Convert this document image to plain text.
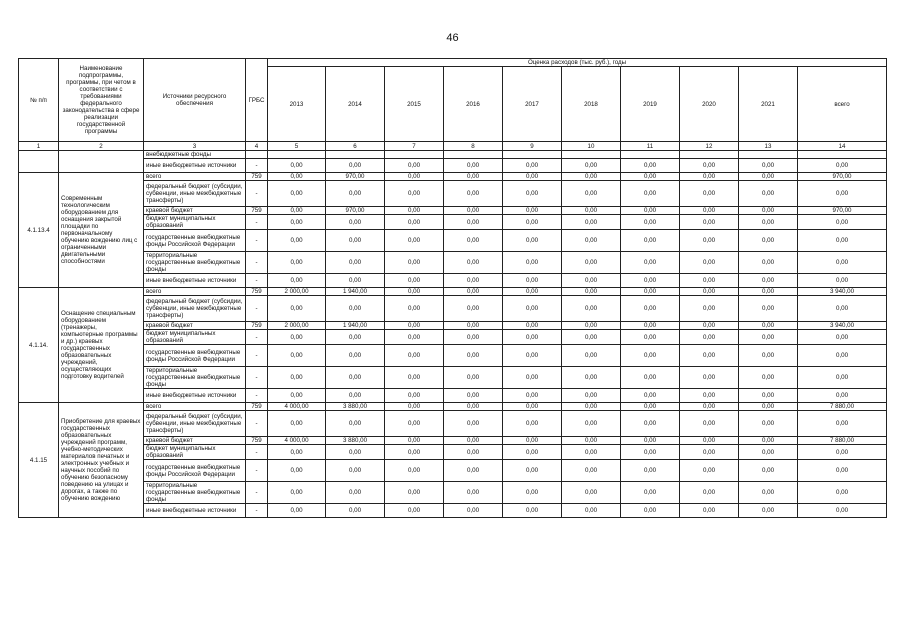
46
№ п/п	Наименование подпрограммы, программы, при четом в соответствии с требованиями федерального законодательства в сфере реализации государственной программы	Источники ресурсного обеспечения	ГРБС	Оценка расходов (тыс. руб.), годы									
				2013	2014	2015	2016	2017	2018	2019	2020	2021	всего
1	2	3	4	5	6	7	8	9	10	11	12	13	14
		внебюджетные фонды											
		иные внебюджетные источники	-	0,00	0,00	0,00	0,00	0,00	0,00	0,00	0,00	0,00	0,00
4.1.13.4	Современным технологическим оборудованием для оснащения закрытой площадки по первоначальному обучению вождению лиц с ограниченными двигательными способностями	всего	759	0,00	970,00	0,00	0,00	0,00	0,00	0,00	0,00	0,00	970,00
		федеральный бюджет (субсидии, субвенции, иные межбюджетные трансферты)	-	0,00	0,00	0,00	0,00	0,00	0,00	0,00	0,00	0,00	0,00
		краевой бюджет	759	0,00	970,00	0,00	0,00	0,00	0,00	0,00	0,00	0,00	970,00
		бюджет муниципальных образований	-	0,00	0,00	0,00	0,00	0,00	0,00	0,00	0,00	0,00	0,00
		государственные внебюджетные фонды Российской Федерации	-	0,00	0,00	0,00	0,00	0,00	0,00	0,00	0,00	0,00	0,00
		территориальные государственные внебюджетные фонды	-	0,00	0,00	0,00	0,00	0,00	0,00	0,00	0,00	0,00	0,00
		иные внебюджетные источники	-	0,00	0,00	0,00	0,00	0,00	0,00	0,00	0,00	0,00	0,00
4.1.14.	Оснащение специальным оборудованием (тренажеры, компьютерные программы и др.) краевых государственных образовательных учреждений, осуществляющих подготовку водителей	всего	759	2 000,00	1 940,00	0,00	0,00	0,00	0,00	0,00	0,00	0,00	3 940,00
		федеральный бюджет (субсидии, субвенции, иные межбюджетные трансферты)	-	0,00	0,00	0,00	0,00	0,00	0,00	0,00	0,00	0,00	0,00
		краевой бюджет	759	2 000,00	1 940,00	0,00	0,00	0,00	0,00	0,00	0,00	0,00	3 940,00
		бюджет муниципальных образований	-	0,00	0,00	0,00	0,00	0,00	0,00	0,00	0,00	0,00	0,00
		государственные внебюджетные фонды Российской Федерации	-	0,00	0,00	0,00	0,00	0,00	0,00	0,00	0,00	0,00	0,00
		территориальные государственные внебюджетные фонды	-	0,00	0,00	0,00	0,00	0,00	0,00	0,00	0,00	0,00	0,00
		иные внебюджетные источники	-	0,00	0,00	0,00	0,00	0,00	0,00	0,00	0,00	0,00	0,00
4.1.15	Приобретение для краевых государственных образовательных учреждений программ, учебно-методических материалов печатных и электронных учебных и научных пособий по обучению безопасному поведению на улицах и дорогах, а также по обучению вождению	всего	759	4 000,00	3 880,00	0,00	0,00	0,00	0,00	0,00	0,00	0,00	7 880,00
		федеральный бюджет (субсидии, субвенции, иные межбюджетные трансферты)	-	0,00	0,00	0,00	0,00	0,00	0,00	0,00	0,00	0,00	0,00
		краевой бюджет	759	4 000,00	3 880,00	0,00	0,00	0,00	0,00	0,00	0,00	0,00	7 880,00
		бюджет муниципальных образований	-	0,00	0,00	0,00	0,00	0,00	0,00	0,00	0,00	0,00	0,00
		государственные внебюджетные фонды Российской Федерации	-	0,00	0,00	0,00	0,00	0,00	0,00	0,00	0,00	0,00	0,00
		территориальные государственные внебюджетные фонды	-	0,00	0,00	0,00	0,00	0,00	0,00	0,00	0,00	0,00	0,00
		иные внебюджетные источники	-	0,00	0,00	0,00	0,00	0,00	0,00	0,00	0,00	0,00	0,00
